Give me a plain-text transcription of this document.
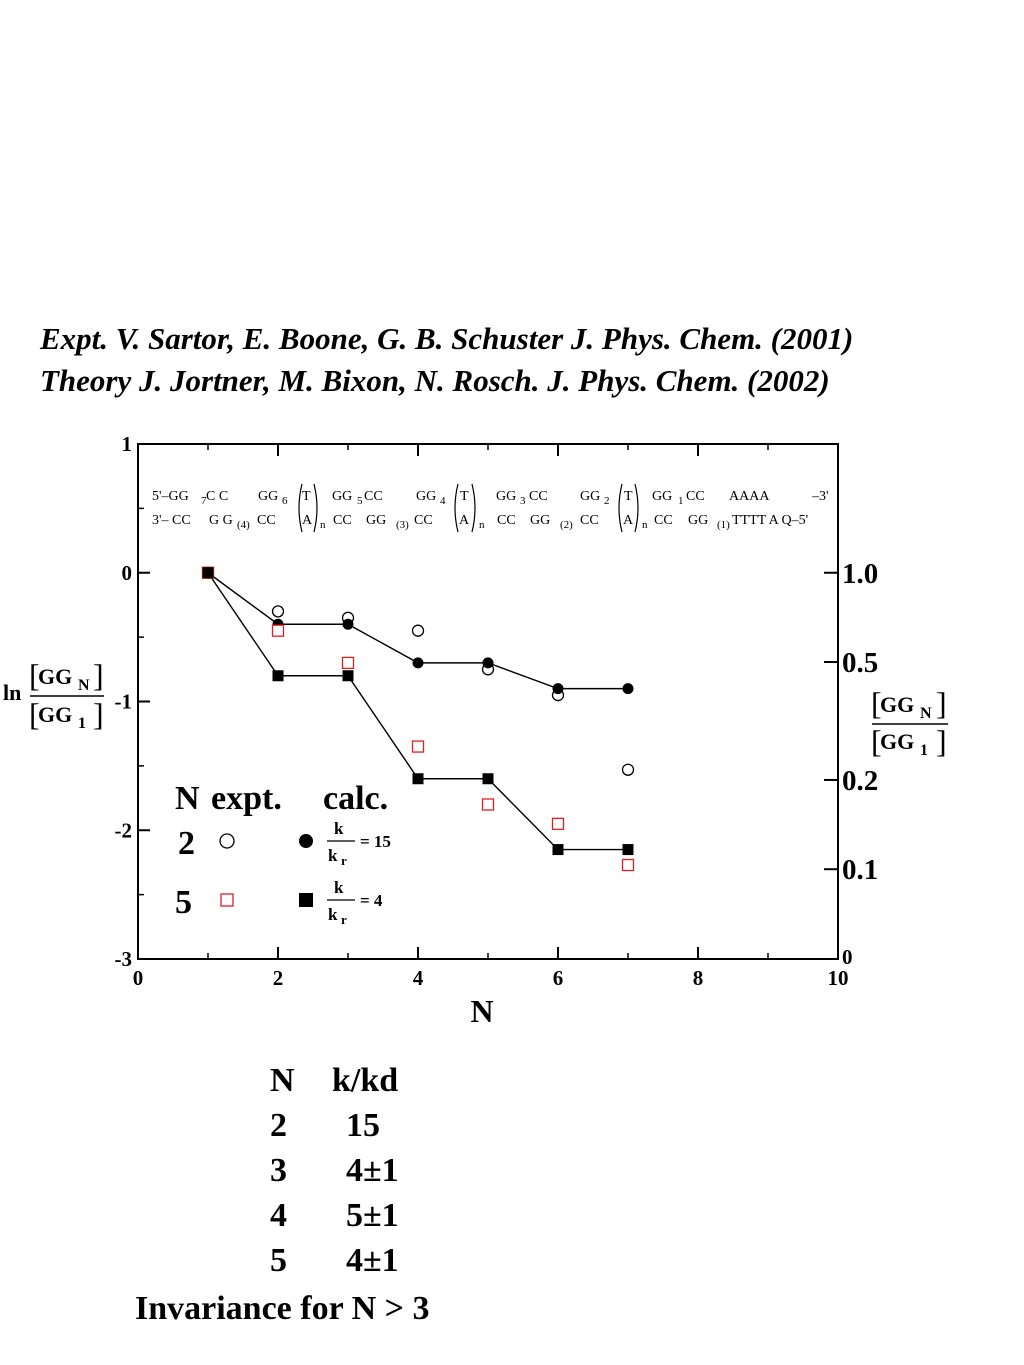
Expt. V. Sartor, E. Boone, G. B. Schuster J. Phys. Chem. (2001)
Theory J. Jortner, M. Bixon, N. Rosch. J. Phys. Chem. (2002)
0	2	4	6	8	10
-3
-2
-1
0
1
0
0.1
0.2
0.5
1.0
5'–GG 7 C C GG 6 T GG 5 CC GG 4 T GG 3 CC GG 2 T GG 1 CC AAAA	–3'
3'– CC G G (4) CC A n CC GG (3) CC A n CC GG (2) CC A n CC GG (1) TTTT A Q–5'
N expt. calc.
2	k
k r
= 15
5	k
k r
= 4
N
ln [
GG N ]
[
GG 1 ]	[
GG N ]
[
GG 1 ]
N	k/kd
2	15
3	4±1
4	5±1
5	4±1
Invariance for N > 3
